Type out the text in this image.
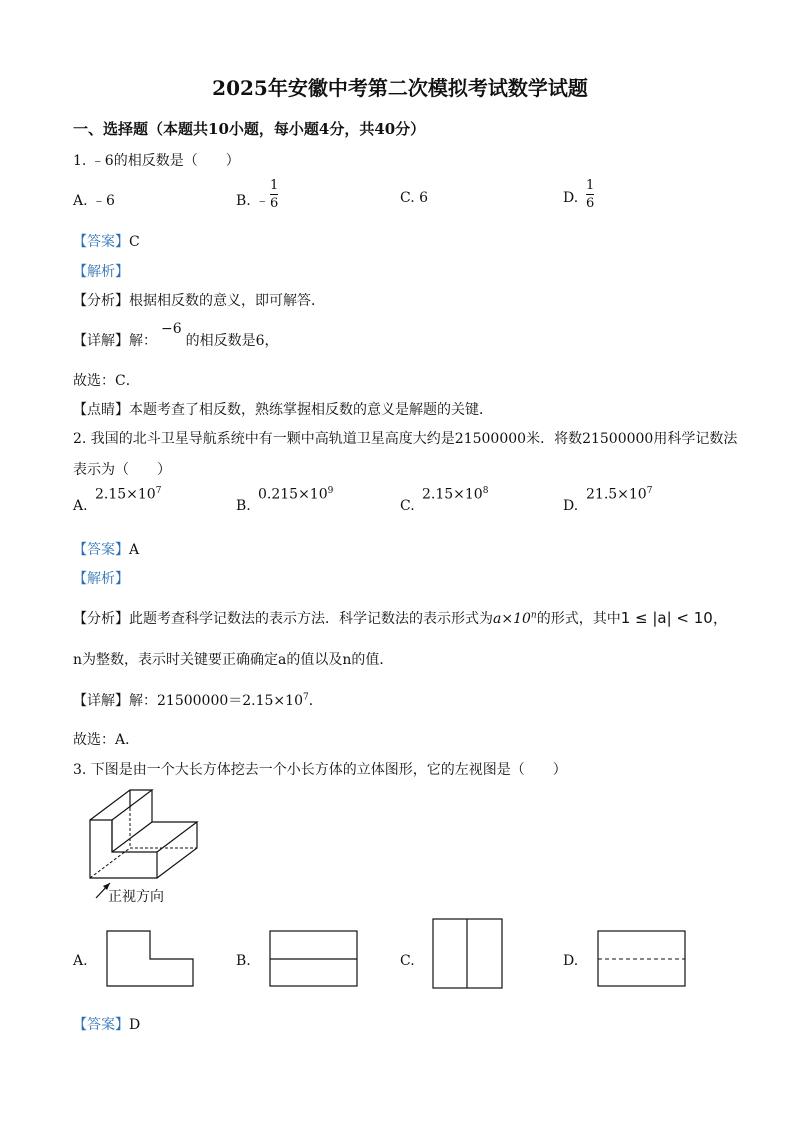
2025年安徽中考第二次模拟考试数学试题
一、选择题（本题共10小题，每小题4分，共40分）
1. ﹣6的相反数是（　　）
A. ﹣6	B. ﹣
1
6	C. 6	D.
1
6
【答案】C
【解析】
【分析】根据相反数的意义，即可解答．
【详解】解：−6的相反数是6，
故选：C．
【点睛】本题考查了相反数，熟练掌握相反数的意义是解题的关键．
2. 我国的北斗卫星导航系统中有一颗中高轨道卫星高度大约是21500000米．将数21500000用科学记数法
表示为（　　）
A.
$2.15\times 10^7$
B.
$0.215\times 10^9$
C.
$2.15\times 10^8$
D.
$21.5\times 10^7$
【答案】A
【解析】
【分析】此题考查科学记数法的表示方法．科学记数法的表示形式为$a\times 10^n$的形式，其中1 ≤ |a| < 10，
n为整数，表示时关键要正确确定a的值以及n的值．
【详解】解：$21500000=2.15\times 10^7$．
故选：A．
3. 下图是由一个大长方体挖去一个小长方体的立体图形，它的左视图是（　　）
正视方向
A.	B.	C.	D.
【答案】D
